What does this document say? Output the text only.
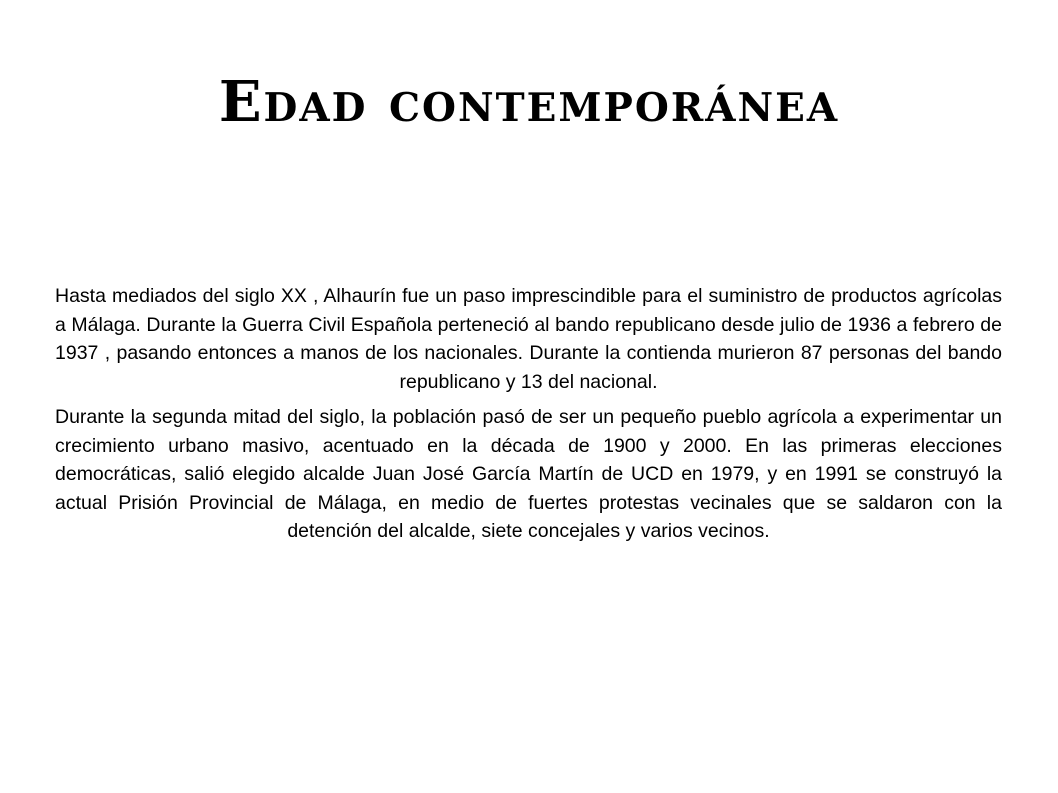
Edad contemporánea

Hasta mediados del siglo XX , Alhaurín fue un paso imprescindible para el suministro de productos agrícolas a Málaga. Durante la Guerra Civil Española perteneció al bando republicano desde julio de 1936 a febrero de 1937 , pasando entonces a manos de los nacionales. Durante la contienda murieron 87 personas del bando republicano y 13 del nacional.

Durante la segunda mitad del siglo, la población pasó de ser un pequeño pueblo agrícola a experimentar un crecimiento urbano masivo, acentuado en la década de 1900 y 2000. En las primeras elecciones democráticas, salió elegido alcalde Juan José García Martín de UCD en 1979, y en 1991 se construyó la actual Prisión Provincial de Málaga, en medio de fuertes protestas vecinales que se saldaron con la detención del alcalde, siete concejales y varios vecinos.
